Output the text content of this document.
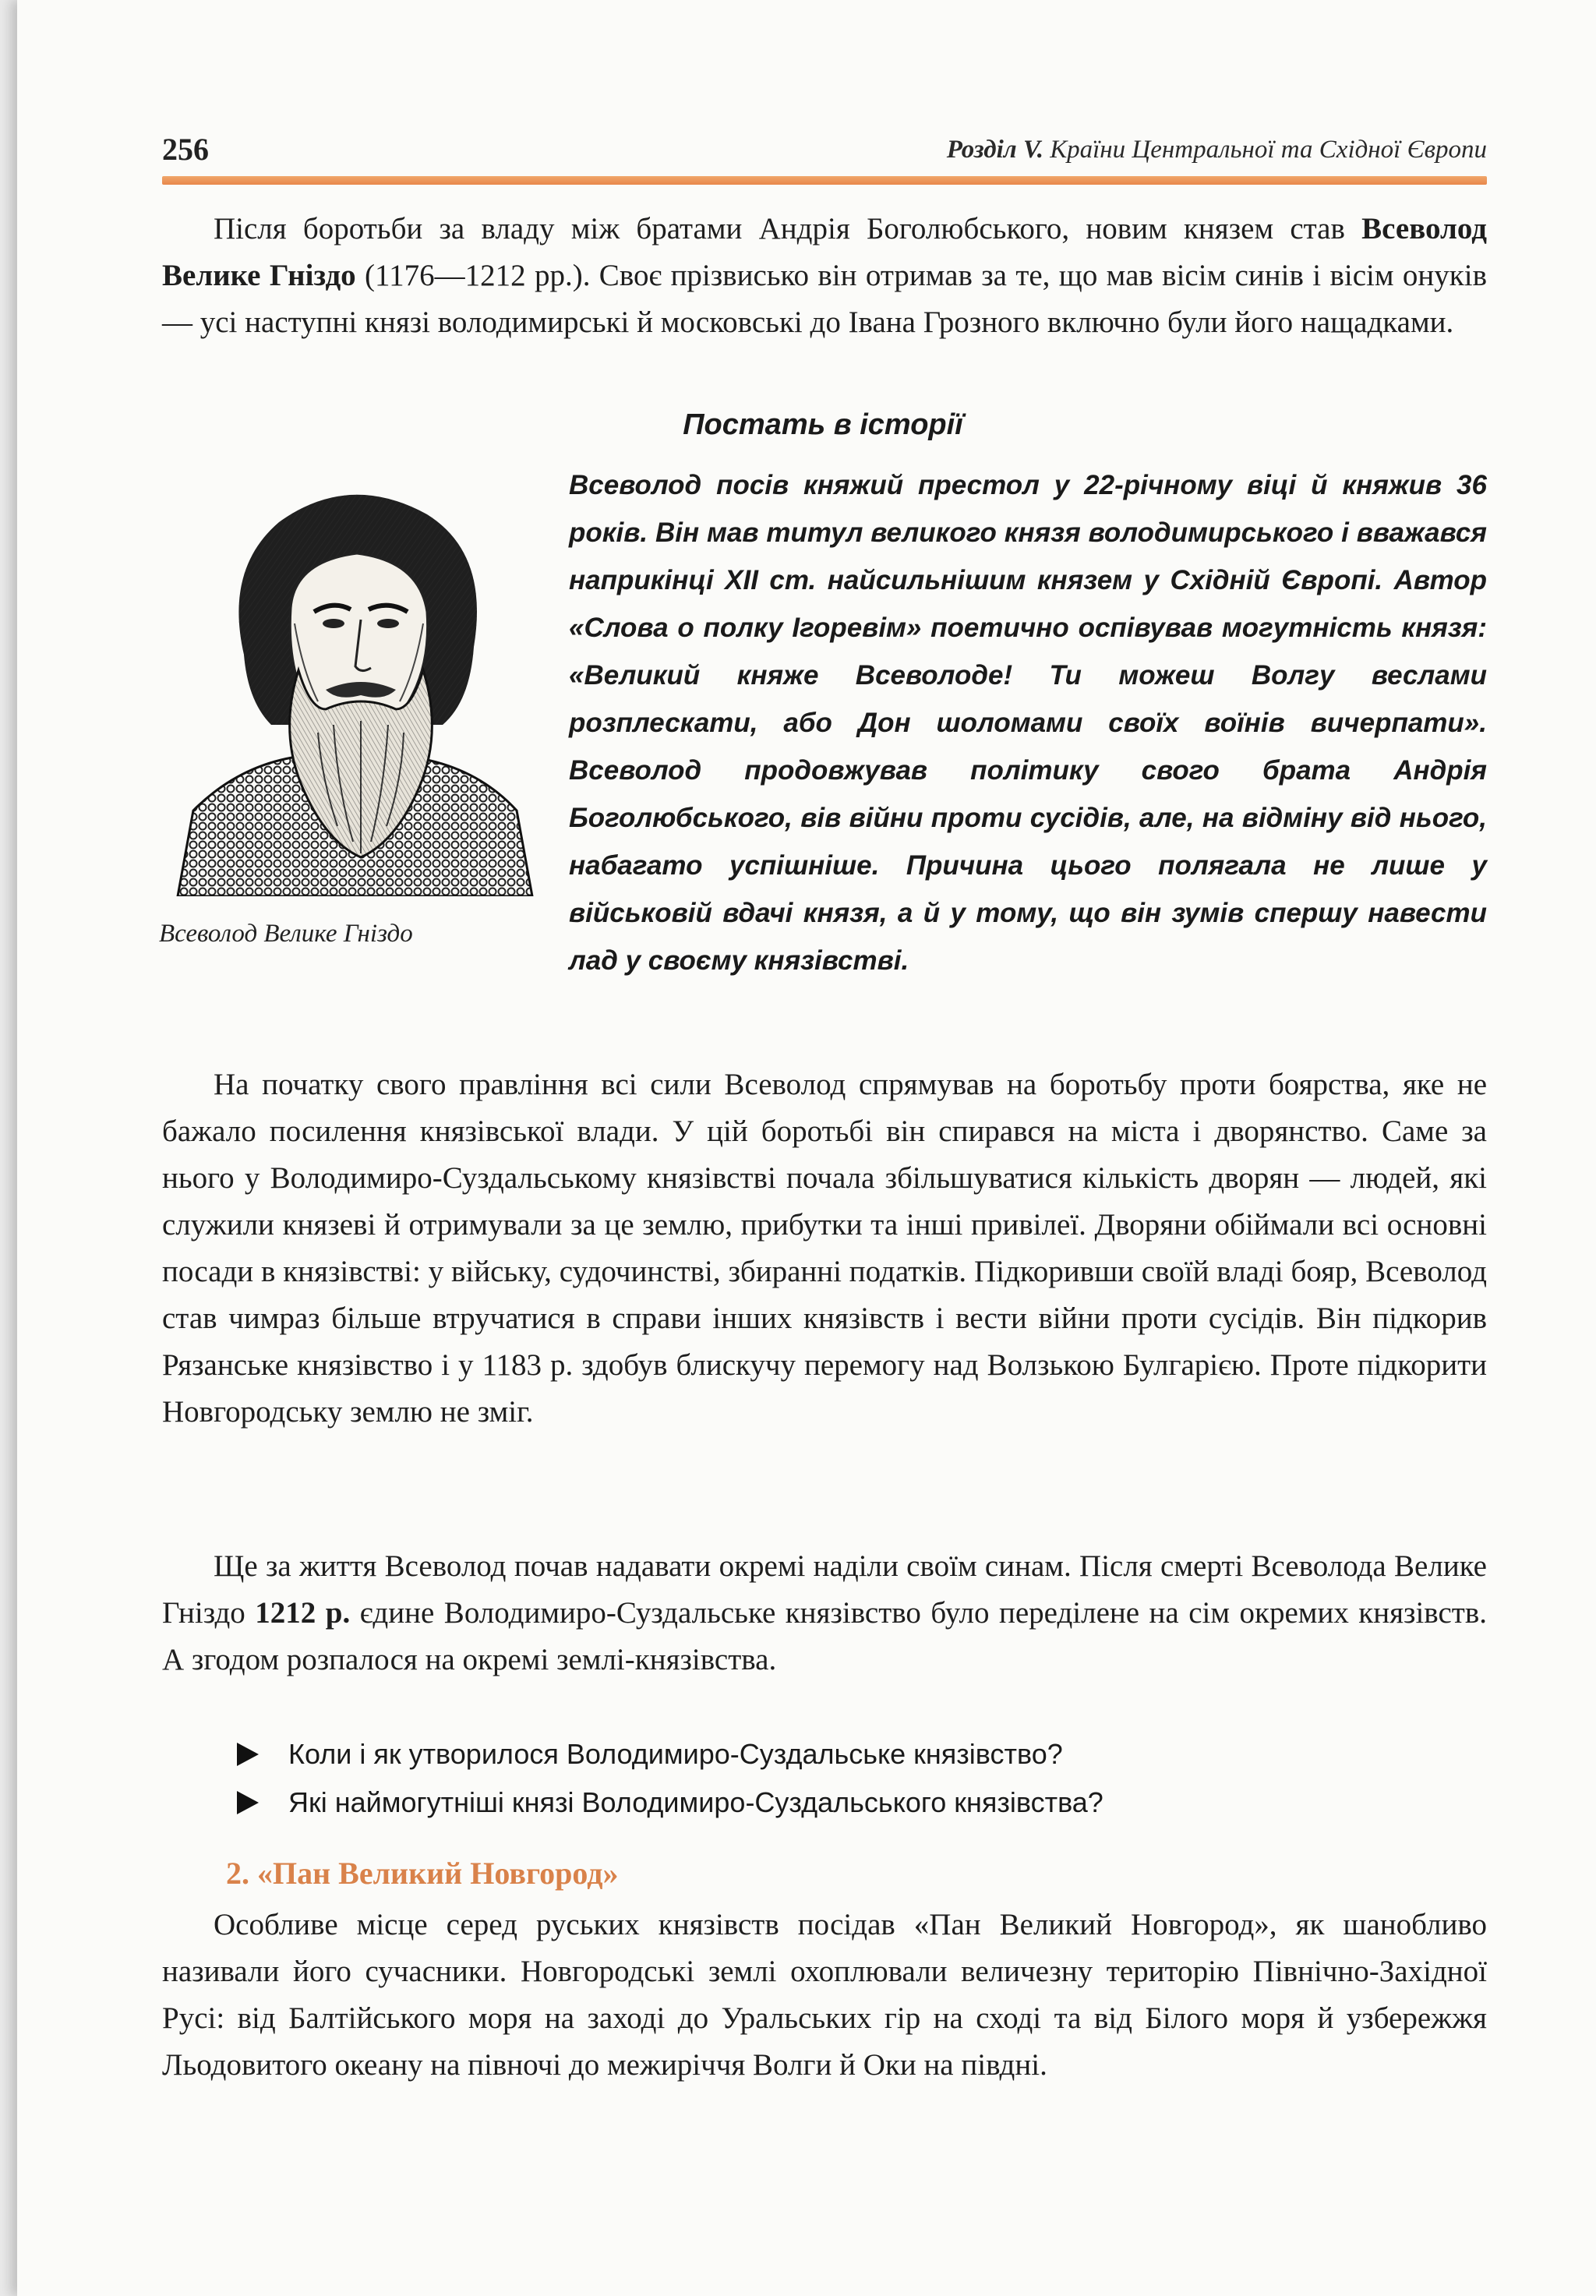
256	Розділ V. Країни Центральної та Східної Європи

Після боротьби за владу між братами Андрія Боголюбського, новим князем став Всеволод Велике Гніздо (1176—1212 рр.). Своє прізвисько він отримав за те, що мав вісім синів і вісім онуків — усі наступні князі володимирські й московські до Івана Грозного включно були його нащадками.

Постать в історії
Всеволод Велике Гніздо

Всеволод посів княжий престол у 22-річному віці й княжив 36 років. Він мав титул великого князя володимирського і вважався наприкінці XII ст. найсильнішим князем у Східній Європі. Автор «Слова о полку Ігоревім» поетично оспівував могутність князя: «Великий княже Всеволоде! Ти можеш Волгу веслами розплескати, або Дон шоломами своїх воїнів вичерпати». Всеволод продовжував політику свого брата Андрія Боголюбського, вів війни проти сусідів, але, на відміну від нього, набагато успішніше. Причина цього полягала не лише у військовій вдачі князя, а й у тому, що він зумів спершу навести лад у своєму князівстві.

На початку свого правління всі сили Всеволод спрямував на боротьбу проти боярства, яке не бажало посилення князівської влади. У цій боротьбі він спирався на міста і дворянство. Саме за нього у Володимиро-Суздальському князівстві почала збільшуватися кількість дворян — людей, які служили князеві й отримували за це землю, прибутки та інші привілеї. Дворяни обіймали всі основні посади в князівстві: у війську, судочинстві, збиранні податків. Підкоривши своїй владі бояр, Всеволод став чимраз більше втручатися в справи інших князівств і вести війни проти сусідів. Він підкорив Рязанське князівство і у 1183 р. здобув блискучу перемогу над Волзькою Булгарією. Проте підкорити Новгородську землю не зміг.

Ще за життя Всеволод почав надавати окремі наділи своїм синам. Після смерті Всеволода Велике Гніздо 1212 р. єдине Володимиро-Суздальське князівство було переділене на сім окремих князівств. А згодом розпалося на окремі землі-князівства.

Коли і як утворилося Володимиро-Суздальське князівство?
Які наймогутніші князі Володимиро-Суздальського князівства?
2. «Пан Великий Новгород»

Особливе місце серед руських князівств посідав «Пан Великий Новгород», як шанобливо називали його сучасники. Новгородські землі охоплювали величезну територію Північно-Західної Русі: від Балтійського моря на заході до Уральських гір на сході та від Білого моря й узбережжя Льодовитого океану на півночі до межиріччя Волги й Оки на півдні.
